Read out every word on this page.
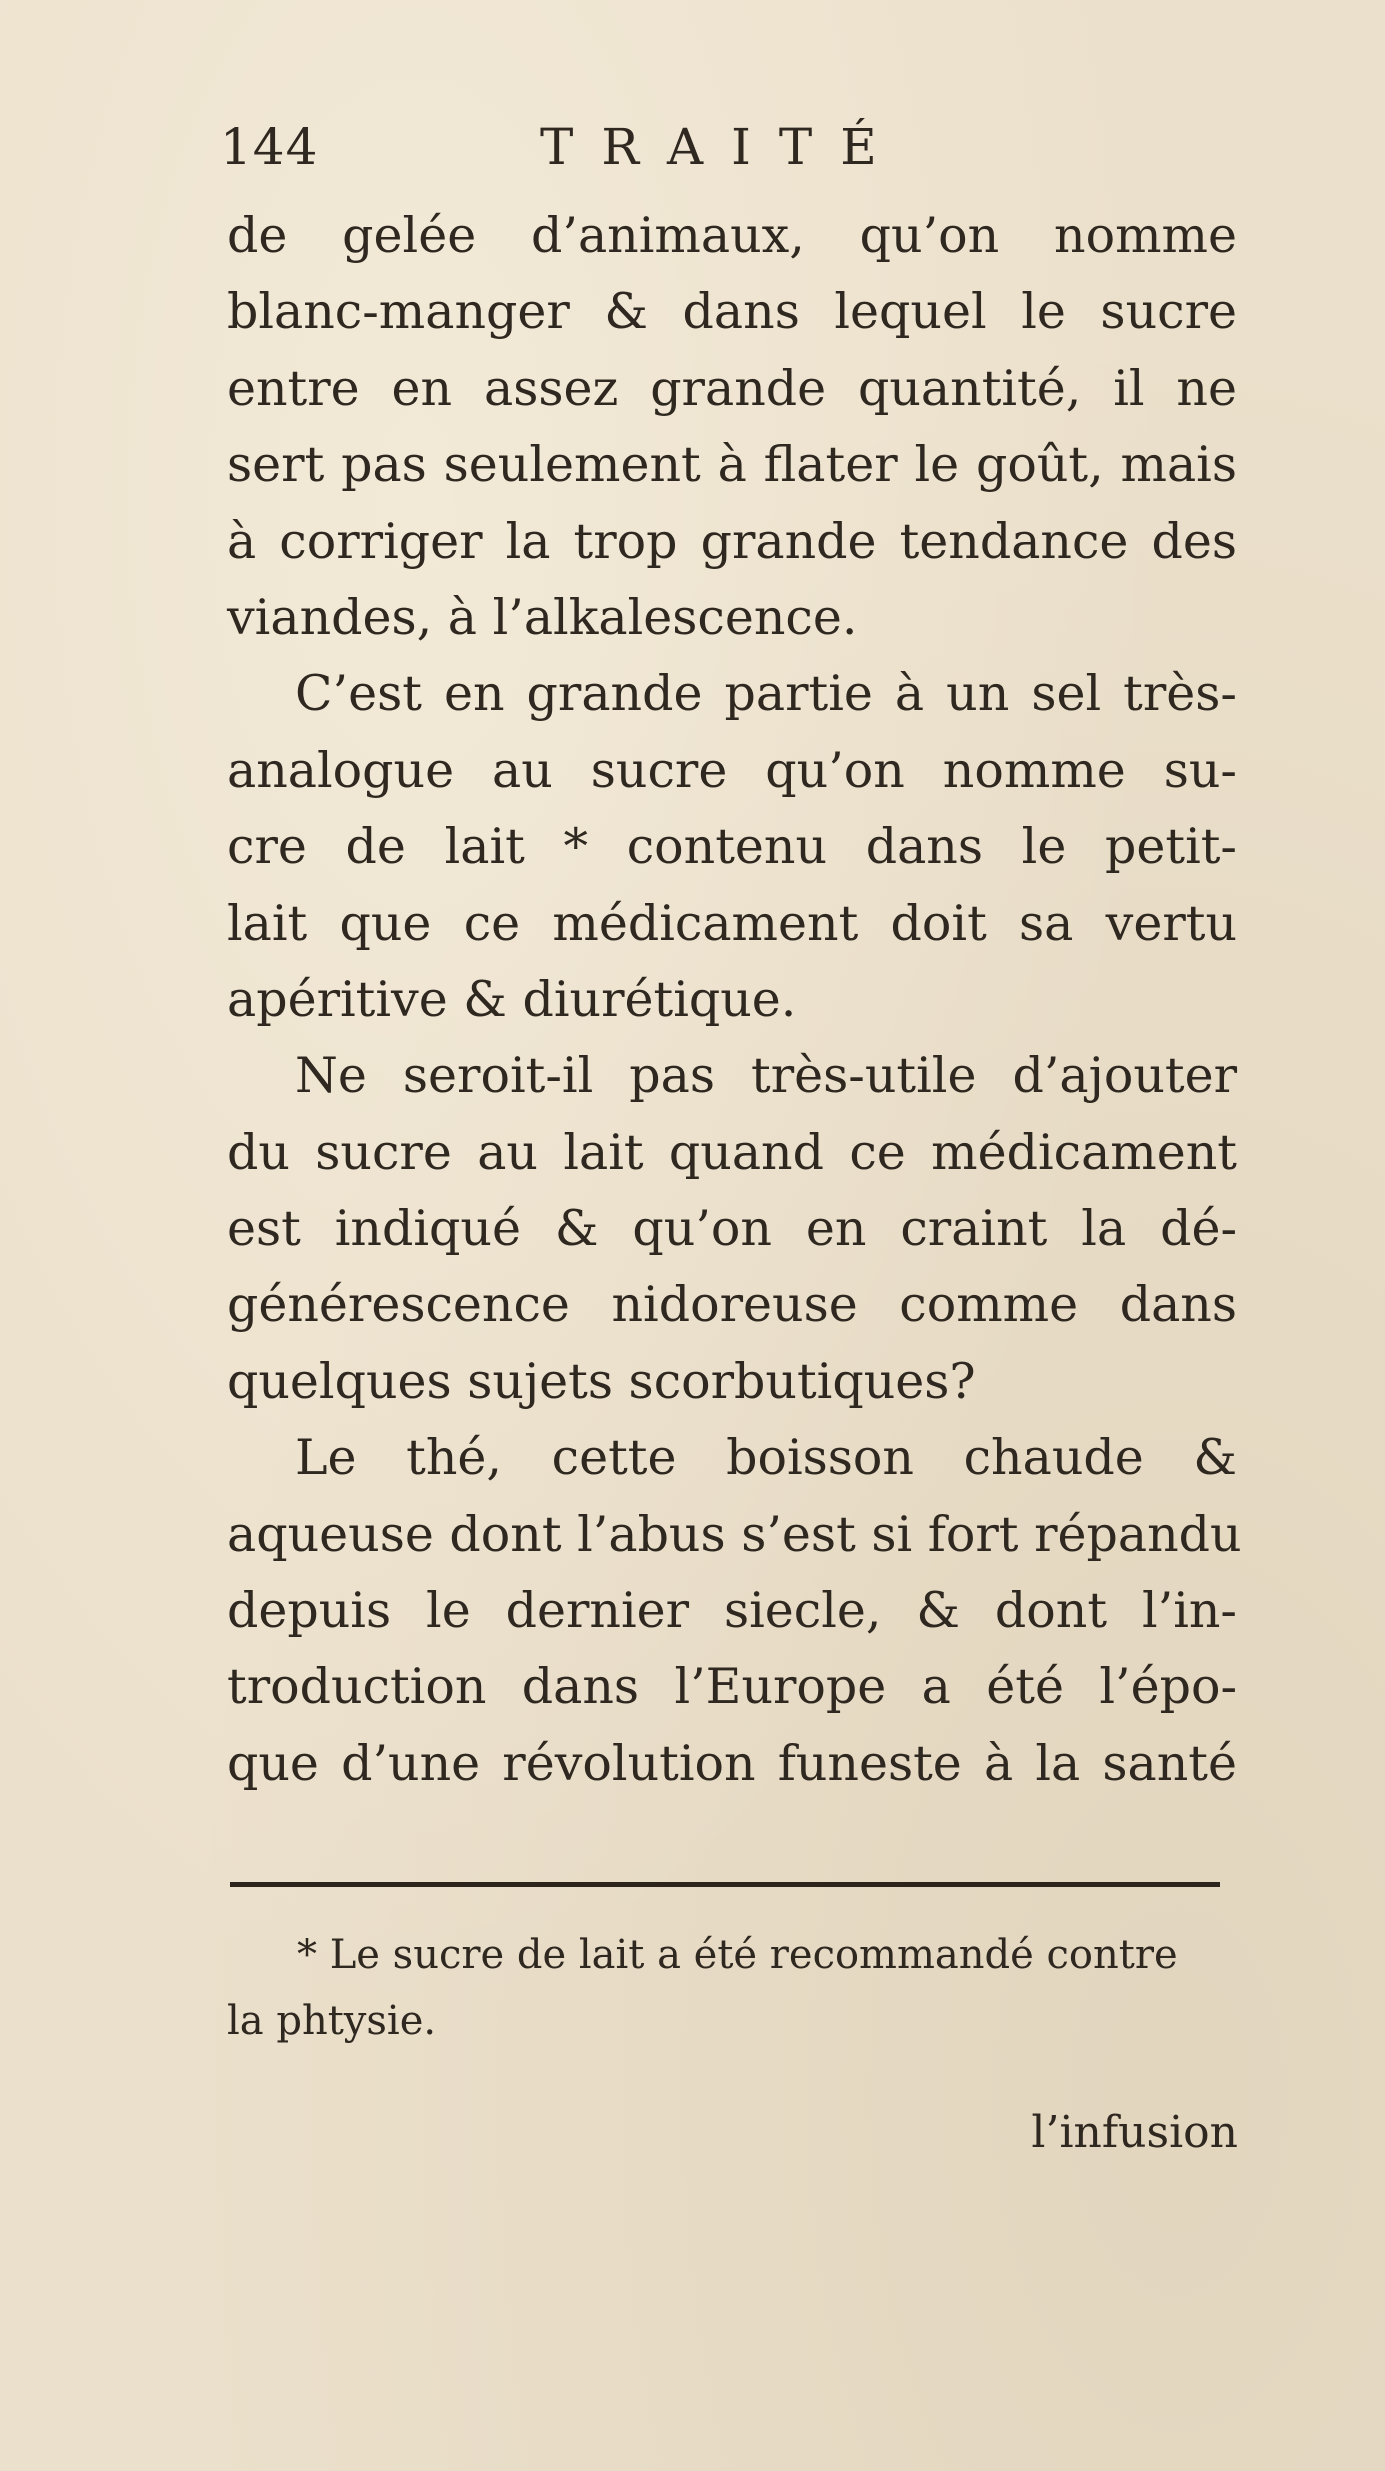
144	TRAITÉ
de gelée d’animaux, qu’on nomme
blanc-manger & dans lequel le sucre
entre en assez grande quantité, il ne
sert pas seulement à flater le goût, mais
à corriger la trop grande tendance des
viandes, à l’alkalescence.
C’est en grande partie à un sel très-
analogue au sucre qu’on nomme su-
cre de lait * contenu dans le petit-
lait que ce médicament doit sa vertu
apéritive & diurétique.
Ne seroit-il pas très-utile d’ajouter
du sucre au lait quand ce médicament
est indiqué & qu’on en craint la dé-
générescence nidoreuse comme dans
quelques sujets scorbutiques?
Le thé, cette boisson chaude &
aqueuse dont l’abus s’est si fort répandu
depuis le dernier siecle, & dont l’in-
troduction dans l’Europe a été l’épo-
que d’une révolution funeste à la santé
* Le sucre de lait a été recommandé contre
la phtysie.
l’infusion
